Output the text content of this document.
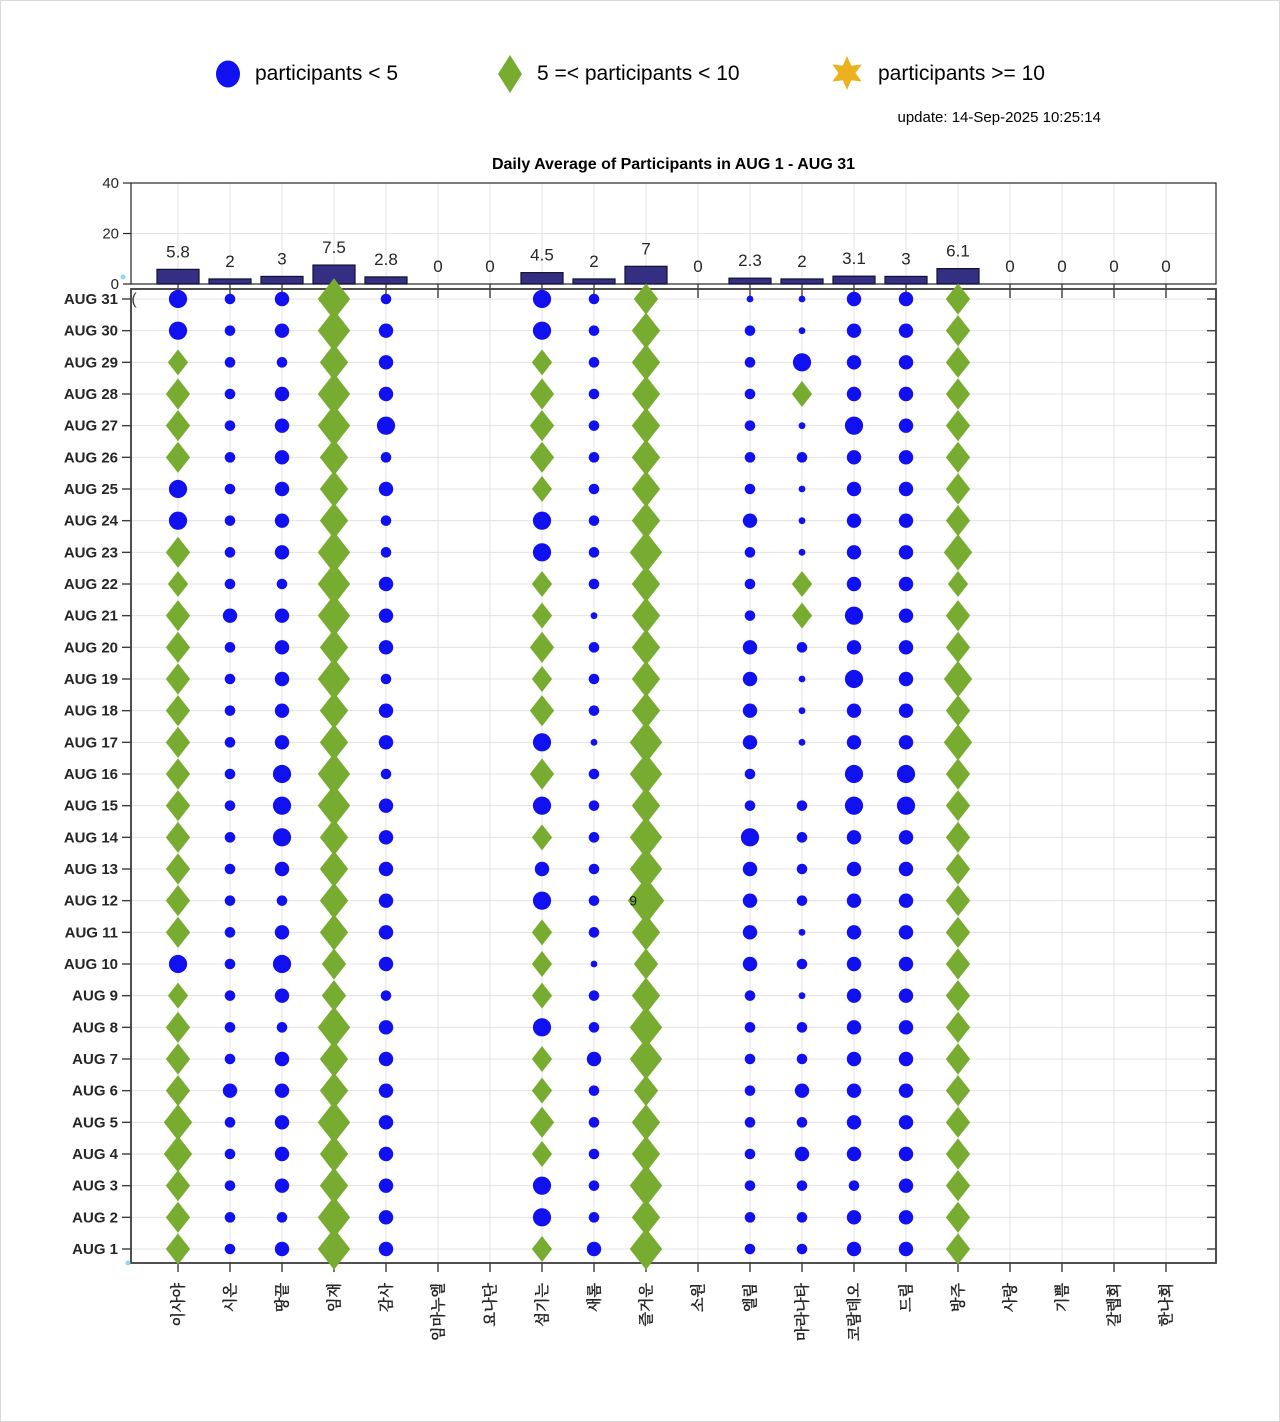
participants < 5	5 =< participants < 10	participants >= 10
update: 14-Sep-2025 10:25:14
0
20
40
5.8
2	3
7.5
2.8 0	0
4.5 2
7
0 2.3 2 3.1 3 6.1
0	0	0	0
Daily Average of Participants in AUG 1 - AUG 31
9
AUG 31
AUG 30
AUG 29
AUG 28
AUG 27
AUG 26
AUG 25
AUG 24
AUG 23
AUG 22
AUG 21
AUG 20
AUG 19
AUG 18
AUG 17
AUG 16
AUG 15
AUG 14
AUG 13
AUG 12
AUG 11
AUG 10
AUG 9
AUG 8
AUG 7
AUG 6
AUG 5
AUG 4
AUG 3
AUG 2
AUG 1
이사야 시온 땅끝 임재 감사 임마누엘 요나단 섬기는 새롬 즐거운 소원 엘림 마라나타 코람데오 드림 방주 사랑 기쁨 갈렙회 한나회
(
